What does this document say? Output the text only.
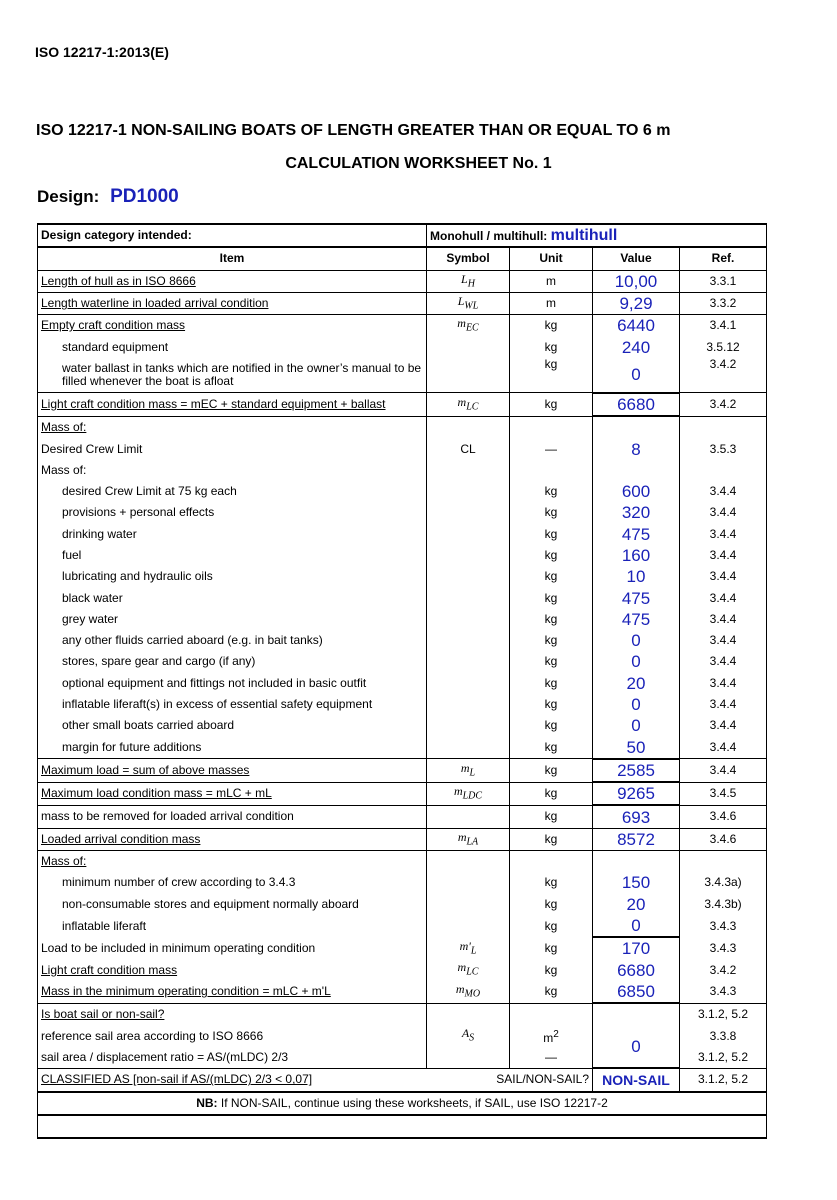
ISO 12217-1:2013(E)
ISO 12217-1 NON-SAILING BOATS OF LENGTH GREATER THAN OR EQUAL TO 6 m
CALCULATION WORKSHEET No. 1
Design: PD1000
Design category intended:	Monohull / multihull: multihull			
Item	Symbol	Unit	Value	Ref.
Length of hull as in ISO 8666	$L_H$	m	10,00	3.3.1
Length waterline in loaded arrival condition	$L_{WL}$	m	9,29	3.3.2
Empty craft condition mass	$m_{EC}$	kg	6440	3.4.1
standard equipment		kg	240	3.5.12
water ballast in tanks which are notified in the owner’s manual to be filled whenever the boat is afloat		kg	0	3.4.2
Light craft condition mass = mEC + standard equipment + ballast	$m_{LC}$	kg	6680	3.4.2
Mass of:				
Desired Crew Limit	CL	—	8	3.5.3
Mass of:				
desired Crew Limit at 75 kg each		kg	600	3.4.4
provisions + personal effects		kg	320	3.4.4
drinking water		kg	475	3.4.4
fuel		kg	160	3.4.4
lubricating and hydraulic oils		kg	10	3.4.4
black water		kg	475	3.4.4
grey water		kg	475	3.4.4
any other fluids carried aboard (e.g. in bait tanks)		kg	0	3.4.4
stores, spare gear and cargo (if any)		kg	0	3.4.4
optional equipment and fittings not included in basic outfit		kg	20	3.4.4
inflatable liferaft(s) in excess of essential safety equipment		kg	0	3.4.4
other small boats carried aboard		kg	0	3.4.4
margin for future additions		kg	50	3.4.4
Maximum load = sum of above masses	$m_L$	kg	2585	3.4.4
Maximum load condition mass = mLC + mL	$m_{LDC}$	kg	9265	3.4.5
mass to be removed for loaded arrival condition		kg	693	3.4.6
Loaded arrival condition mass	$m_{LA}$	kg	8572	3.4.6
Mass of:				
minimum number of crew according to 3.4.3		kg	150	3.4.3a)
non-consumable stores and equipment normally aboard		kg	20	3.4.3b)
inflatable liferaft		kg	0	3.4.3
Load to be included in minimum operating condition	$m'_L$	kg	170	3.4.3
Light craft condition mass	$m_{LC}$	kg	6680	3.4.2
Mass in the minimum operating condition = mLC + m'L	$m_{MO}$	kg	6850	3.4.3
Is boat sail or non-sail?				3.1.2, 5.2
reference sail area according to ISO 8666	$A_S$	$m^2$	0	3.3.8
sail area / displacement ratio = AS/(mLDC) 2/3		—		3.1.2, 5.2
CLASSIFIED AS [non-sail if AS/(mLDC) 2/3 < 0,07]	SAIL/NON-SAIL?		NON-SAIL	3.1.2, 5.2
NB: If NON-SAIL, continue using these worksheets, if SAIL, use ISO 12217-2				
